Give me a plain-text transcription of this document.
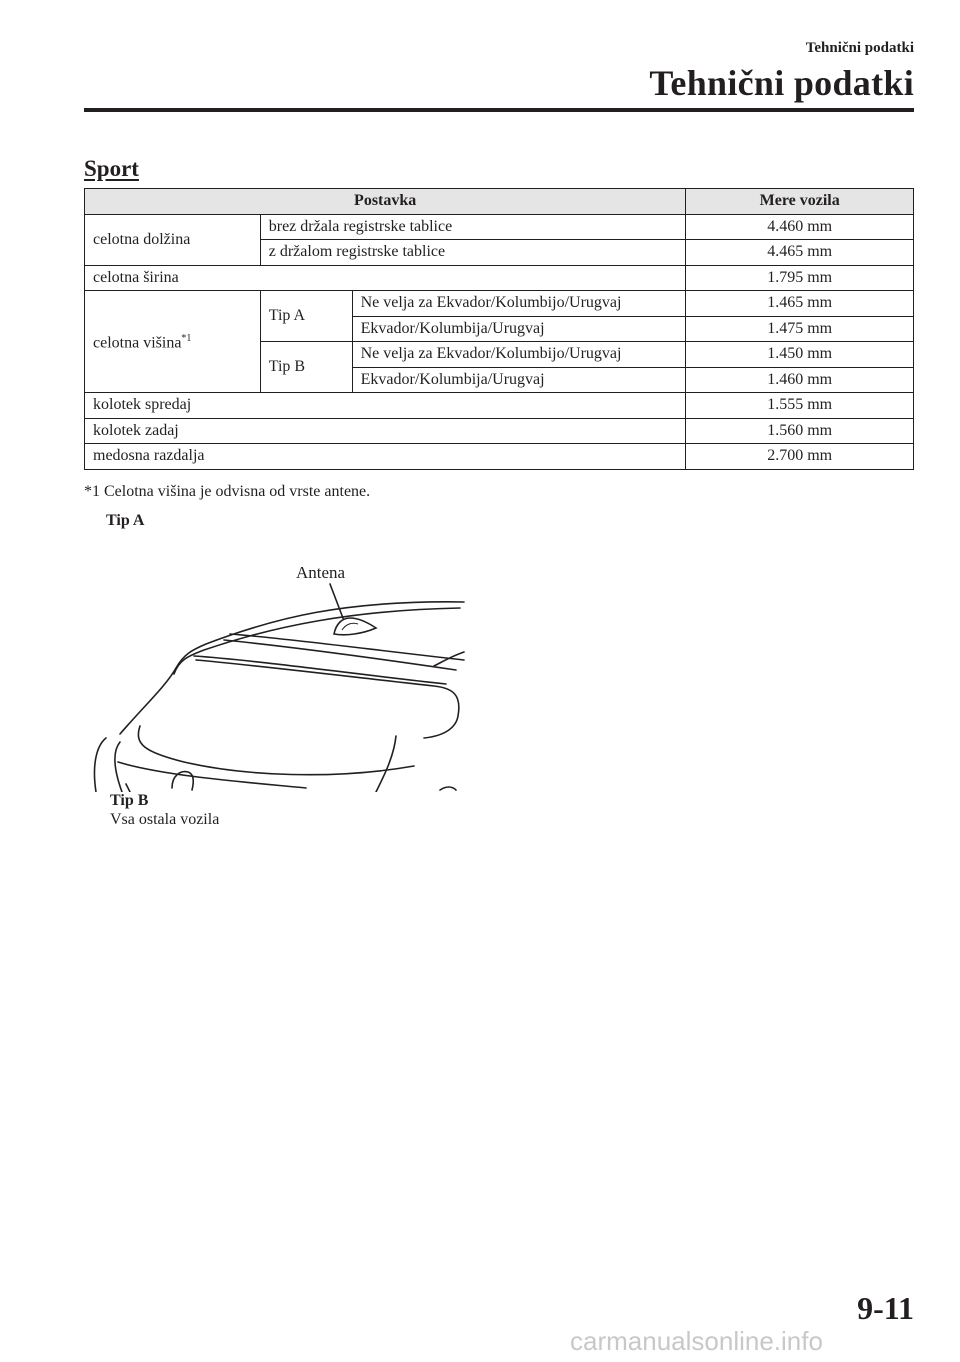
Tehnični podatki
Tehnični podatki
Sport
Postavka			Mere vozila
celotna dolžina	brez držala registrske tablice		4.460 mm
	z držalom registrske tablice		4.465 mm
celotna širina			1.795 mm
celotna višina$^{*1}$	Tip A	Ne velja za Ekvador/Kolumbijo/Urugvaj	1.465 mm
		Ekvador/Kolumbija/Urugvaj	1.475 mm
	Tip B	Ne velja za Ekvador/Kolumbijo/Urugvaj	1.450 mm
		Ekvador/Kolumbija/Urugvaj	1.460 mm
kolotek spredaj			1.555 mm
kolotek zadaj			1.560 mm
medosna razdalja			2.700 mm
*1 Celotna višina je odvisna od vrste antene.
Tip A
Antena
Tip B
Vsa ostala vozila
9-11
carmanualsonline.info
